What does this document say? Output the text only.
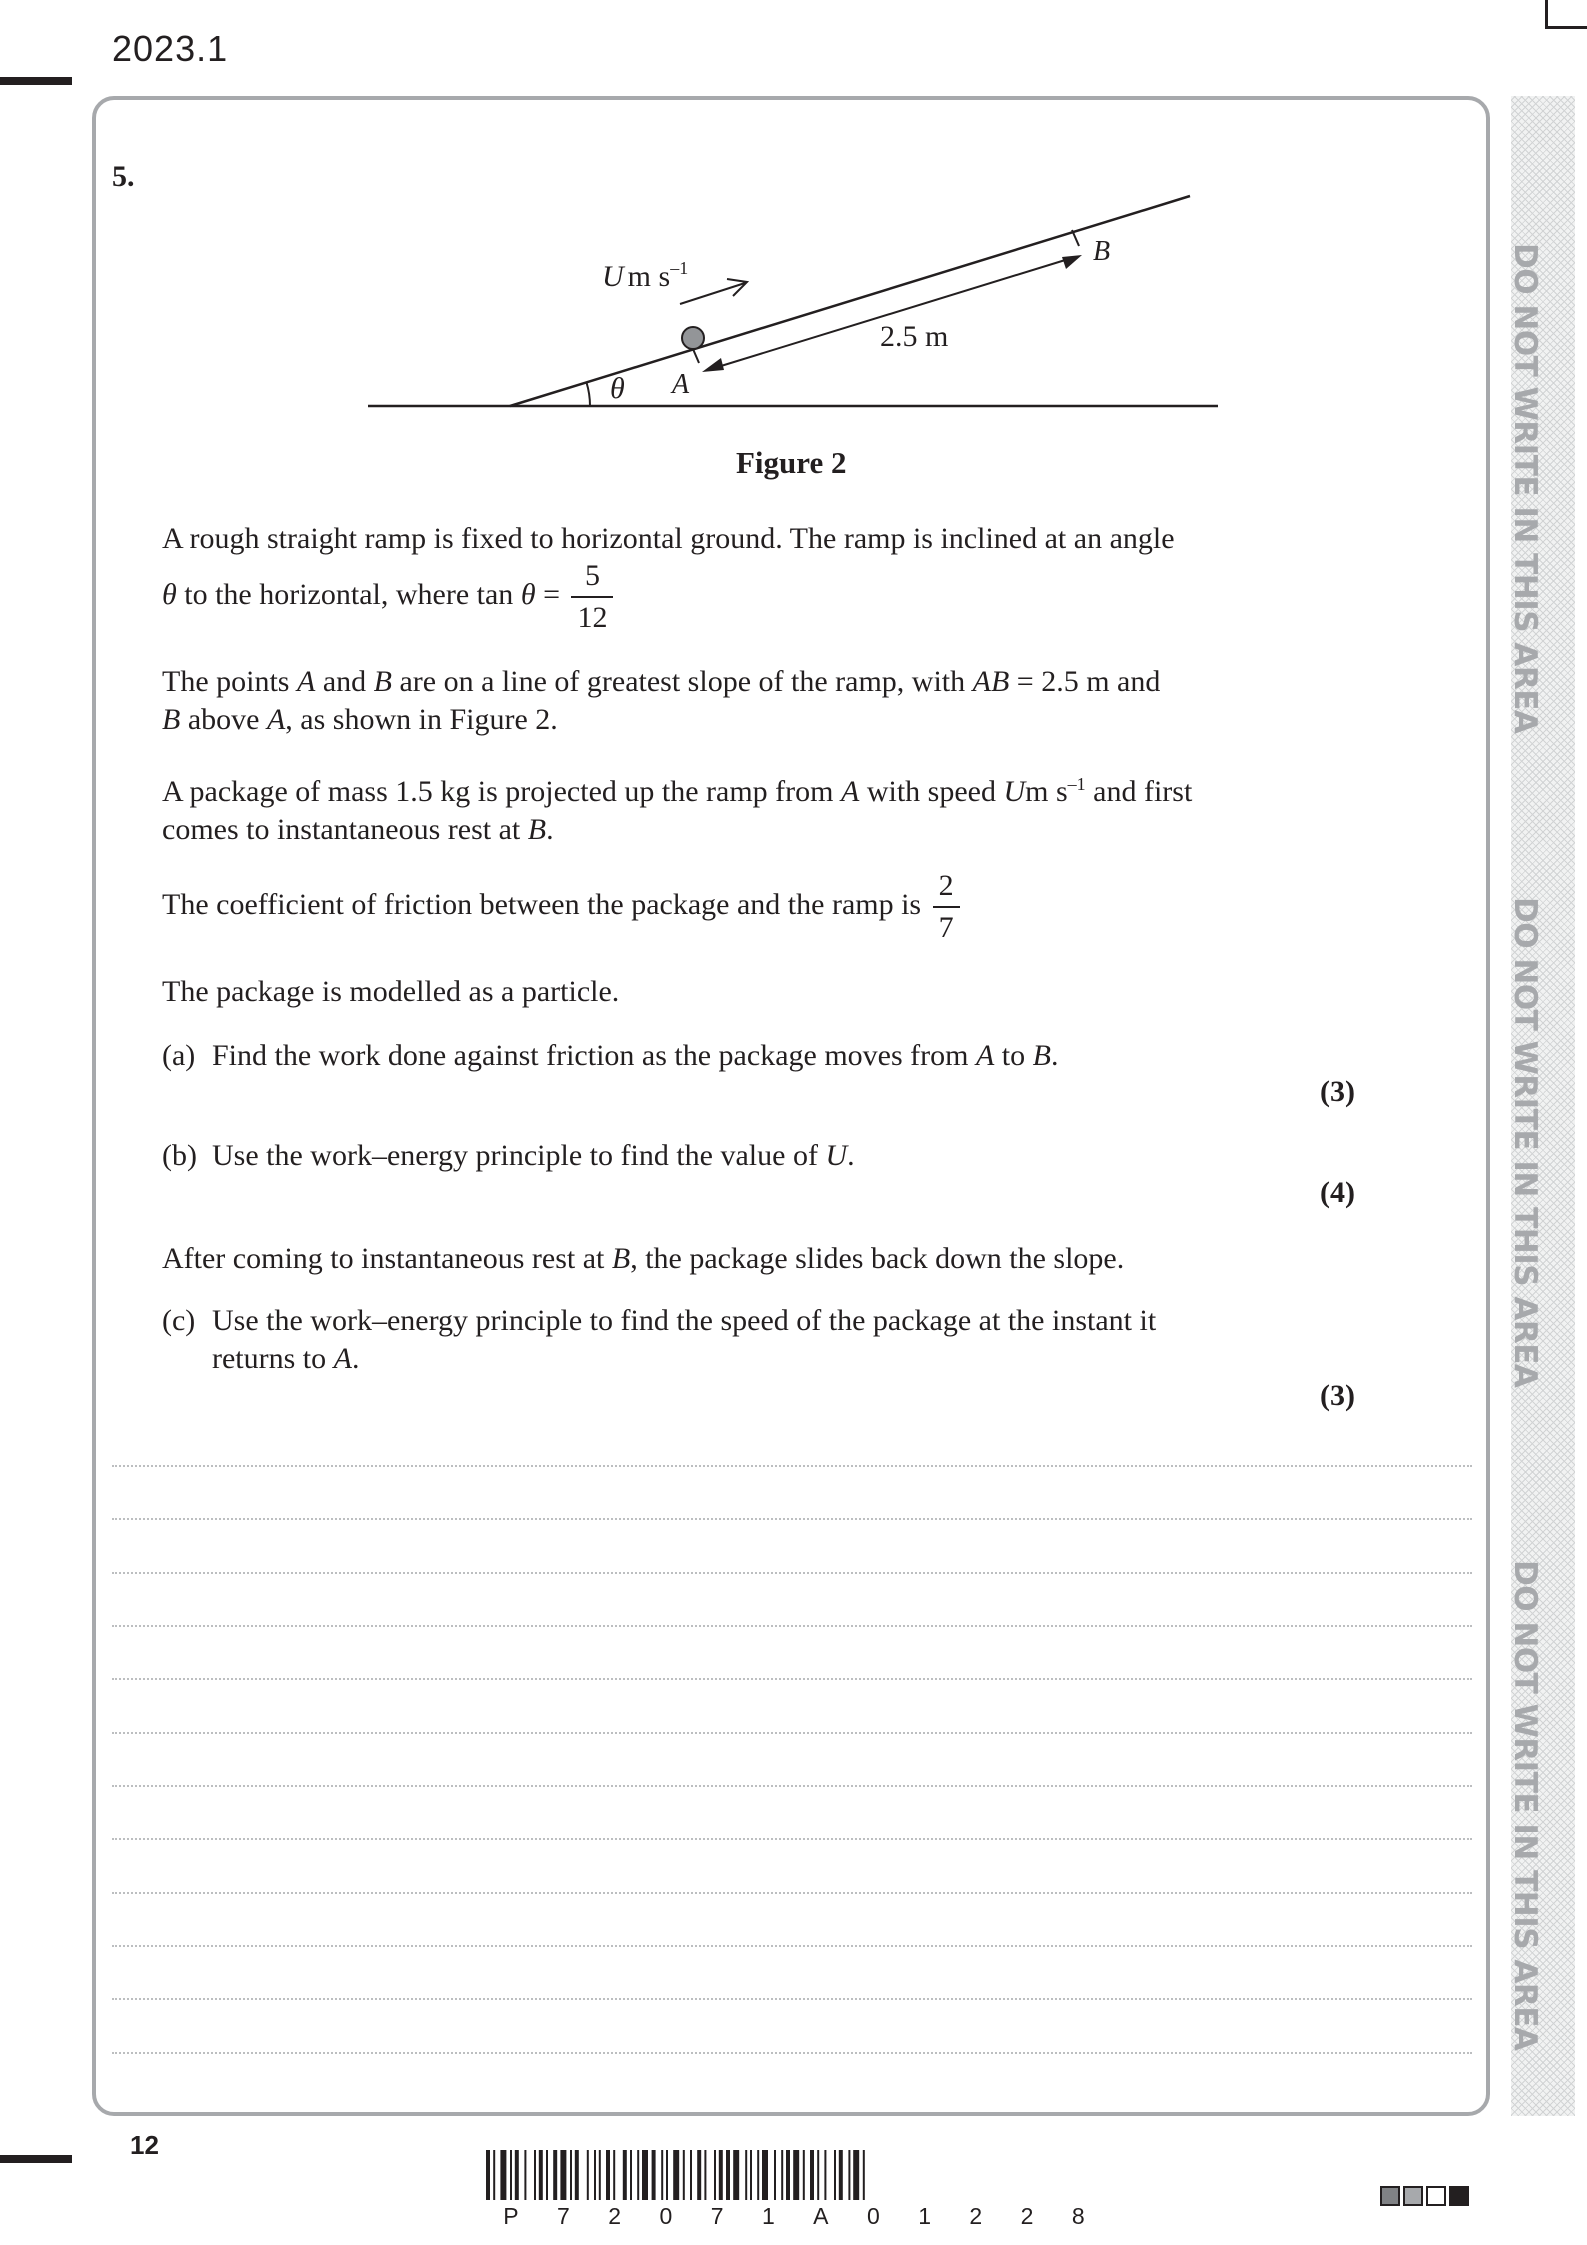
2023.1
5.
θ A
B
2.5 m
U m $s^{-1}$
Figure 2
A rough straight ramp is fixed to horizontal ground. The ramp is inclined at an angle
θ to the horizontal, where $\tan \theta = \frac{5}{12}$
The points A and B are on a line of greatest slope of the ramp, with AB = 2.5 m and
B above A, as shown in Figure 2.
A package of mass 1.5 kg is projected up the ramp from A with speed Um $s^{-1}$ and first
comes to instantaneous rest at B.
The coefficient of friction between the package and the ramp is $\frac{2}{7}$
The package is modelled as a particle.
(a) Find the work done against friction as the package moves from A to B.
(3)
(b) Use the work–energy principle to find the value of U.
(4)
After coming to instantaneous rest at B, the package slides back down the slope.
(c) Use the work–energy principle to find the speed of the package at the instant it
returns to A.
(3)
DO NOT WRITE IN THIS AREA
DO NOT WRITE IN THIS AREA
DO NOT WRITE IN THIS AREA
12
P 7 2 0 7 1 A 0 1 2 2 8
